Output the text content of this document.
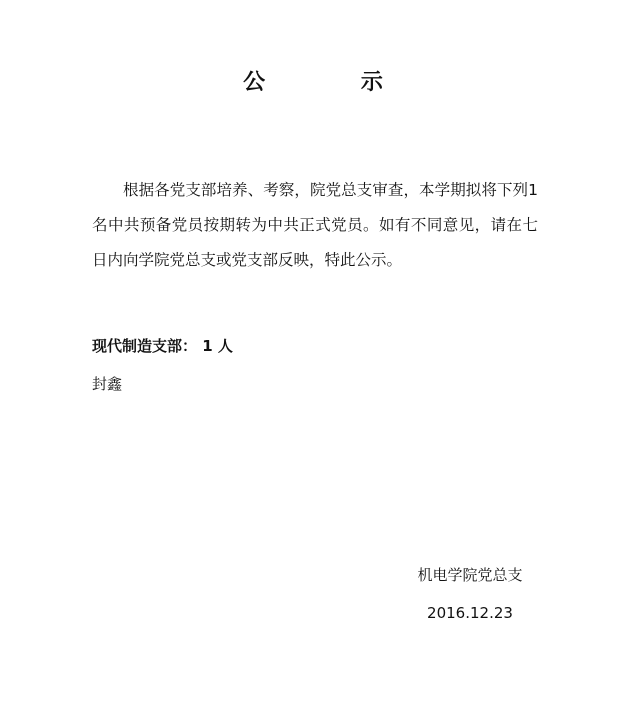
公 示
根据各党支部培养、考察，院党总支审查，本学期拟将下列1名中共预备党员按期转为中共正式党员。如有不同意见，请在七日内向学院党总支或党支部反映，特此公示。
现代制造支部： 1 人
封鑫
机电学院党总支
2016.12.23
